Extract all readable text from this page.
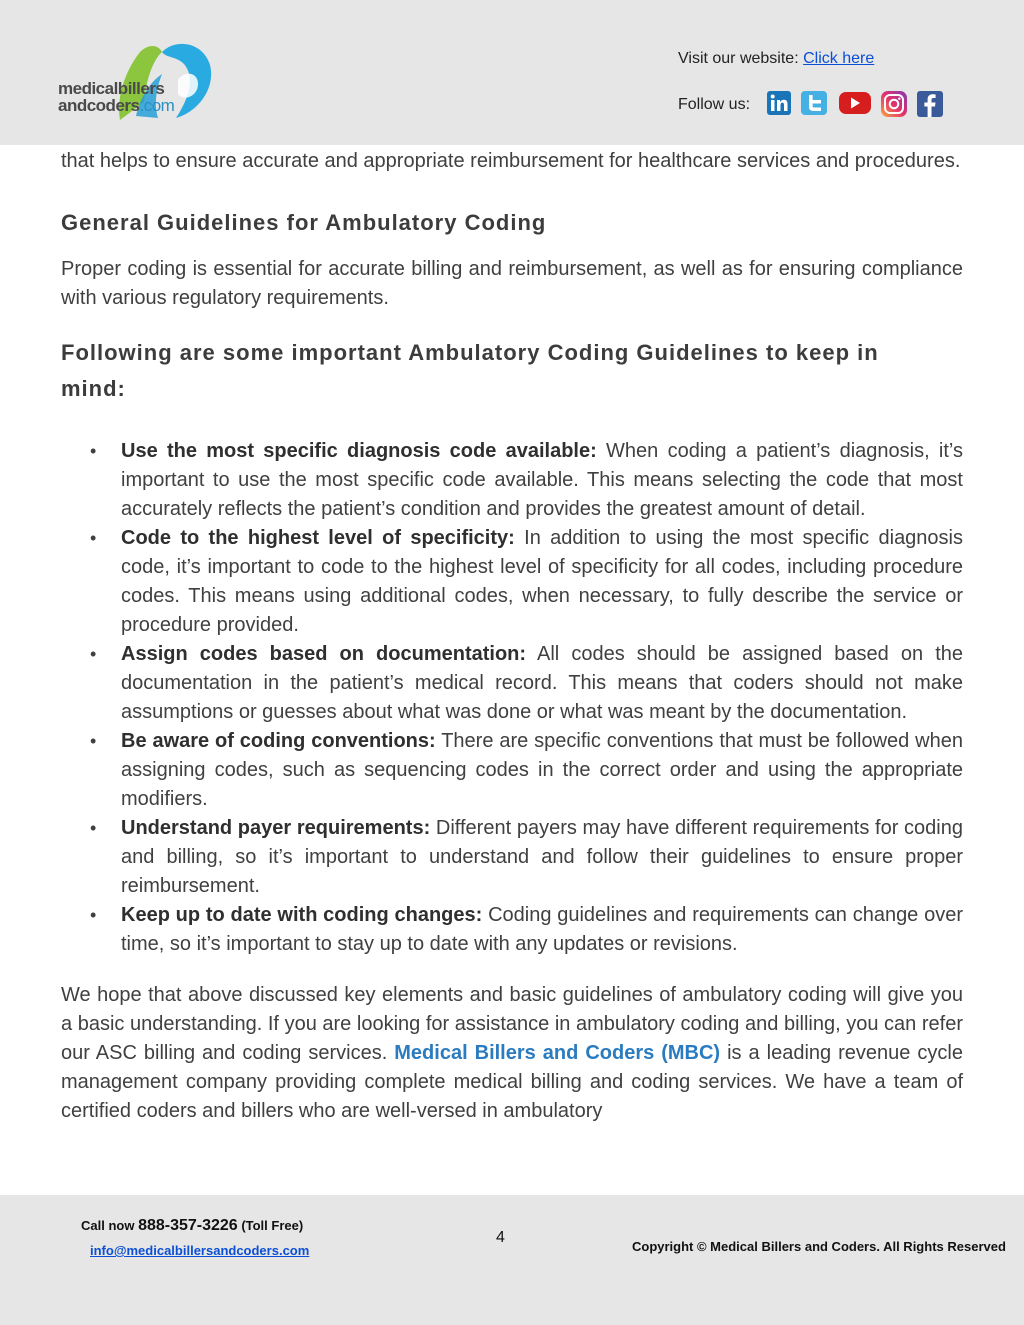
medicalbillers
andcoders.com
Visit our website: Click here
Follow us:

that helps to ensure accurate and appropriate reimbursement for healthcare services and procedures.

General Guidelines for Ambulatory Coding

Proper coding is essential for accurate billing and reimbursement, as well as for ensuring compliance with various regulatory requirements.

Following are some important Ambulatory Coding Guidelines to keep in mind:
• Use the most specific diagnosis code available: When coding a patient’s diagnosis, it’s important to use the most specific code available. This means selecting the code that most accurately reflects the patient’s condition and provides the greatest amount of detail.
• Code to the highest level of specificity: In addition to using the most specific diagnosis code, it’s important to code to the highest level of specificity for all codes, including procedure codes. This means using additional codes, when necessary, to fully describe the service or procedure provided.
• Assign codes based on documentation: All codes should be assigned based on the documentation in the patient’s medical record. This means that coders should not make assumptions or guesses about what was done or what was meant by the documentation.
• Be aware of coding conventions: There are specific conventions that must be followed when assigning codes, such as sequencing codes in the correct order and using the appropriate modifiers.
• Understand payer requirements: Different payers may have different requirements for coding and billing, so it’s important to understand and follow their guidelines to ensure proper reimbursement.
• Keep up to date with coding changes: Coding guidelines and requirements can change over time, so it’s important to stay up to date with any updates or revisions.

We hope that above discussed key elements and basic guidelines of ambulatory coding will give you a basic understanding. If you are looking for assistance in ambulatory coding and billing, you can refer our ASC billing and coding services. Medical Billers and Coders (MBC) is a leading revenue cycle management company providing complete medical billing and coding services. We have a team of certified coders and billers who are well-versed in ambulatory

Call now 888-357-3226 (Toll Free)
info@medicalbillersandcoders.com
4
Copyright © Medical Billers and Coders. All Rights Reserved
